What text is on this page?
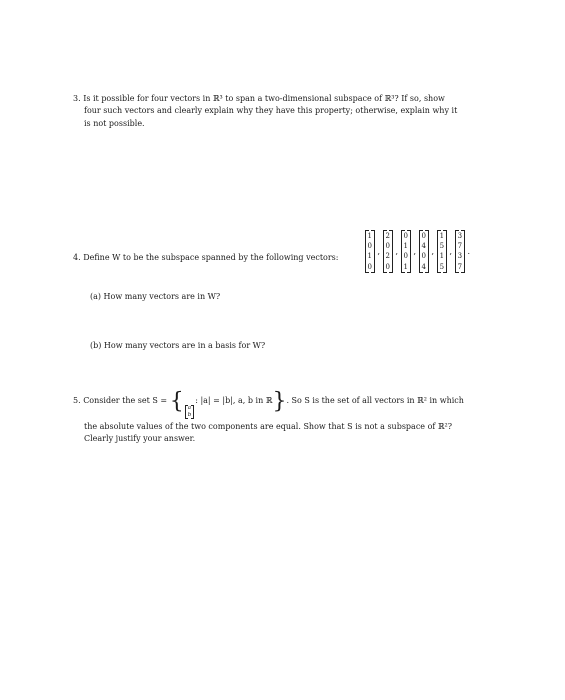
3. Is it possible for four vectors in ℝ³ to span a two-dimensional subspace of ℝ³? If so, show
four such vectors and clearly explain why they have this property; otherwise, explain why it
is not possible.
4. Define W to be the subspace spanned by the following vectors:
1
0
1
0
,
2
0
2
0
,
0
1
0
1
,
0
4
0
4
,
1
5
1
5
,
3
7
3
7
.
(a) How many vectors are in W?
(b) How many vectors are in a basis for W?
5. Consider the set S = { a
b
: |a| = |b|, a, b in ℝ}. So S is the set of all vectors in ℝ² in which
the absolute values of the two components are equal. Show that S is not a subspace of ℝ²?
Clearly justify your answer.
